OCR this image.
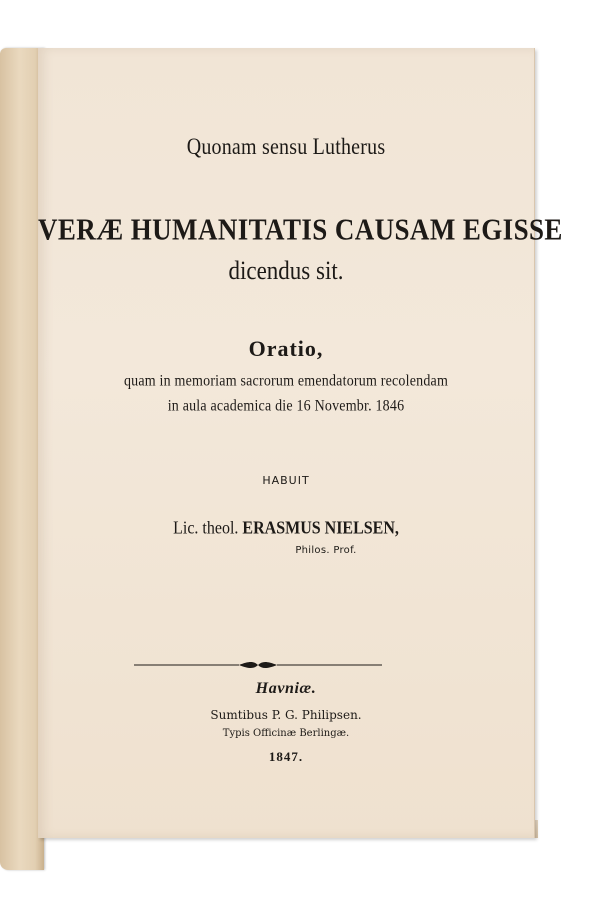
Quonam sensu Lutherus
VERÆ HUMANITATIS CAUSAM EGISSE
dicendus sit.
Oratio,
quam in memoriam sacrorum emendatorum recolendam
in aula academica die 16 Novembr. 1846
HABUIT
Lic. theol. ERASMUS NIELSEN,
Philos. Prof.
Havniæ.
Sumtibus P. G. Philipsen.
Typis Officinæ Berlingæ.
1847.
